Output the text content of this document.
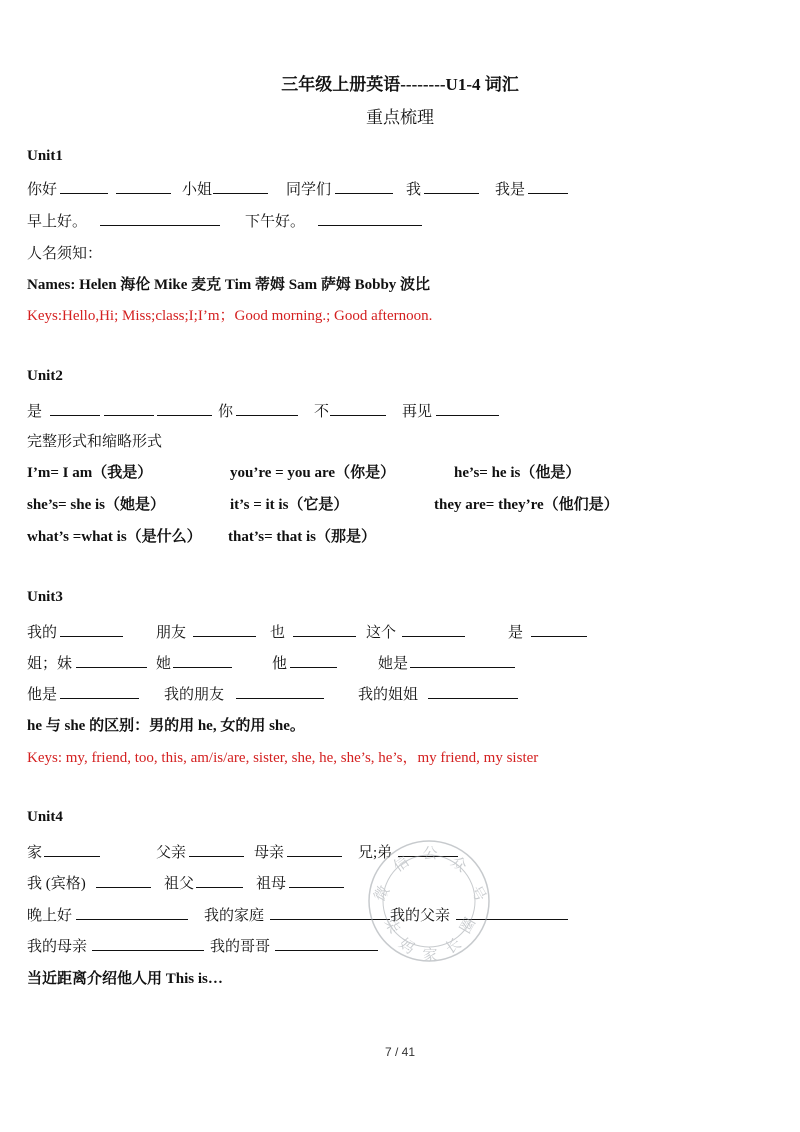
三年级上册英语--------U1-4 词汇
重点梳理
Unit1
你好	小姐	同学们	我	我是
早上好。	下午好。
人名须知：
Names: Helen 海伦 Mike 麦克 Tim 蒂姆 Sam 萨姆 Bobby 波比
Keys:Hello,Hi; Miss;class;I;I’m；Good morning.; Good afternoon.
Unit2
是	你	不	再见
完整形式和缩略形式
I’m= I am（我是）	you’re = you are（你是）	he’s= he is（他是）
she’s= she is（她是）	it’s = it is（它是）	they are= they’re（他们是）
what’s =what is（是什么） that’s= that is（那是）
Unit3
我的	朋友	也	这个	是
姐；妹	她	他	她是
他是	我的朋友	我的姐姐
he 与 she 的区别：男的用 he, 女的用 she。
Keys: my, friend, too, this, am/is/are, sister, she, he, she’s, he’s，my friend, my sister
Unit4
家	父亲	母亲	兄;弟
我 (宾格)	祖父	祖母
晚上好	我的家庭	我的父亲
我的母亲	我的哥哥
当近距离介绍他人用 This is…
微
信 公 众
号
圈
长
家
妈
柒
7 / 41
